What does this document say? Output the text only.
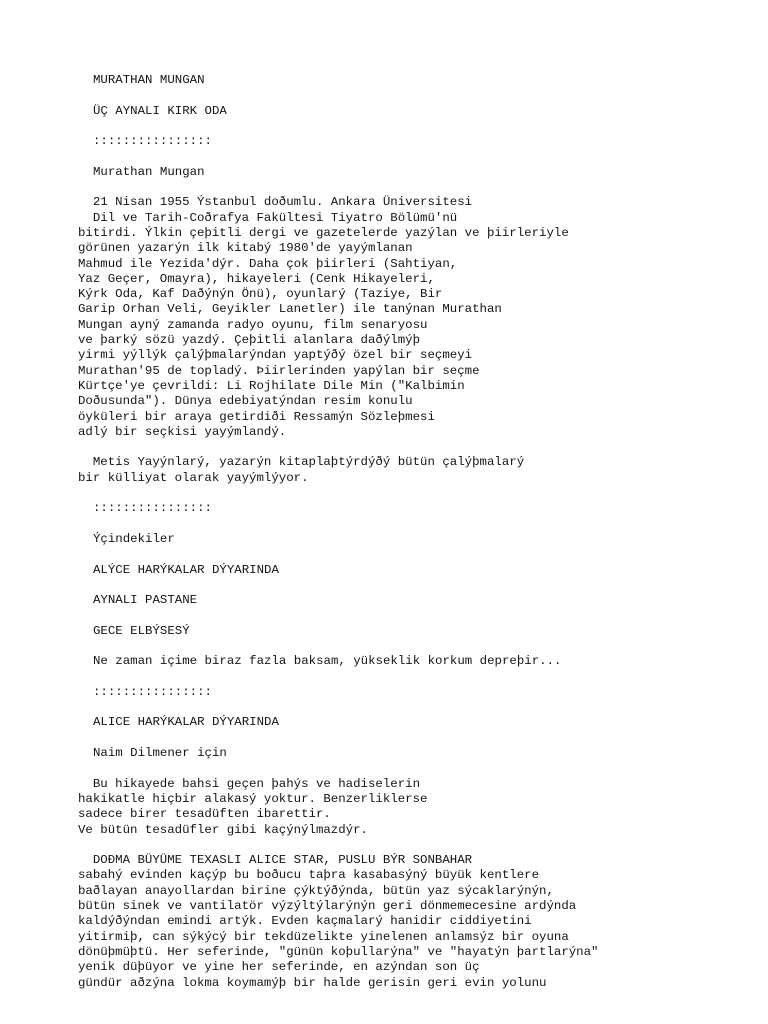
MURATHAN MUNGAN
ÜÇ AYNALI KIRK ODA
::::::::::::::::
Murathan Mungan
21 Nisan 1955 Ýstanbul doðumlu. Ankara Üniversitesi
Dil ve Tarih-Coðrafya Fakültesi Tiyatro Bölümü'nü
bitirdi. Ýlkin çeþitli dergi ve gazetelerde yazýlan ve þiirleriyle
görünen yazarýn ilk kitabý 1980'de yayýmlanan
Mahmud ile Yezida'dýr. Daha çok þiirleri (Sahtiyan,
Yaz Geçer, Omayra), hikayeleri (Cenk Hikayeleri,
Kýrk Oda, Kaf Daðýnýn Önü), oyunlarý (Taziye, Bir
Garip Orhan Veli, Geyikler Lanetler) ile tanýnan Murathan
Mungan ayný zamanda radyo oyunu, film senaryosu
ve þarký sözü yazdý. Çeþitli alanlara daðýlmýþ
yirmi yýllýk çalýþmalarýndan yaptýðý özel bir seçmeyi
Murathan'95 de topladý. Þiirlerinden yapýlan bir seçme
Kürtçe'ye çevrildi: Li Rojhilate Dile Min ("Kalbimin
Doðusunda"). Dünya edebiyatýndan resim konulu
öyküleri bir araya getirdiði Ressamýn Sözleþmesi
adlý bir seçkisi yayýmlandý.
Metis Yayýnlarý, yazarýn kitaplaþtýrdýðý bütün çalýþmalarý
bir külliyat olarak yayýmlýyor.
::::::::::::::::
Ýçindekiler
ALÝCE HARÝKALAR DÝYARINDA
AYNALI PASTANE
GECE ELBÝSESÝ
Ne zaman içime biraz fazla baksam, yükseklik korkum depreþir...
::::::::::::::::
ALICE HARÝKALAR DÝYARINDA
Naim Dilmener için
Bu hikayede bahsi geçen þahýs ve hadiselerin
hakikatle hiçbir alakasý yoktur. Benzerliklerse
sadece birer tesadüften ibarettir.
Ve bütün tesadüfler gibi kaçýnýlmazdýr.
DOÐMA BÜYÜME TEXASLI ALICE STAR, PUSLU BÝR SONBAHAR
sabahý evinden kaçýp bu boðucu taþra kasabasýný büyük kentlere
baðlayan anayollardan birine çýktýðýnda, bütün yaz sýcaklarýnýn,
bütün sinek ve vantilatör výzýltýlarýnýn geri dönmemecesine ardýnda
kaldýðýndan emindi artýk. Evden kaçmalarý hanidir ciddiyetini
yitirmiþ, can sýkýcý bir tekdüzelikte yinelenen anlamsýz bir oyuna
dönüþmüþtü. Her seferinde, "günün koþullarýna" ve "hayatýn þartlarýna"
yenik düþüyor ve yine her seferinde, en azýndan son üç
gündür aðzýna lokma koymamýþ bir halde gerisin geri evin yolunu
